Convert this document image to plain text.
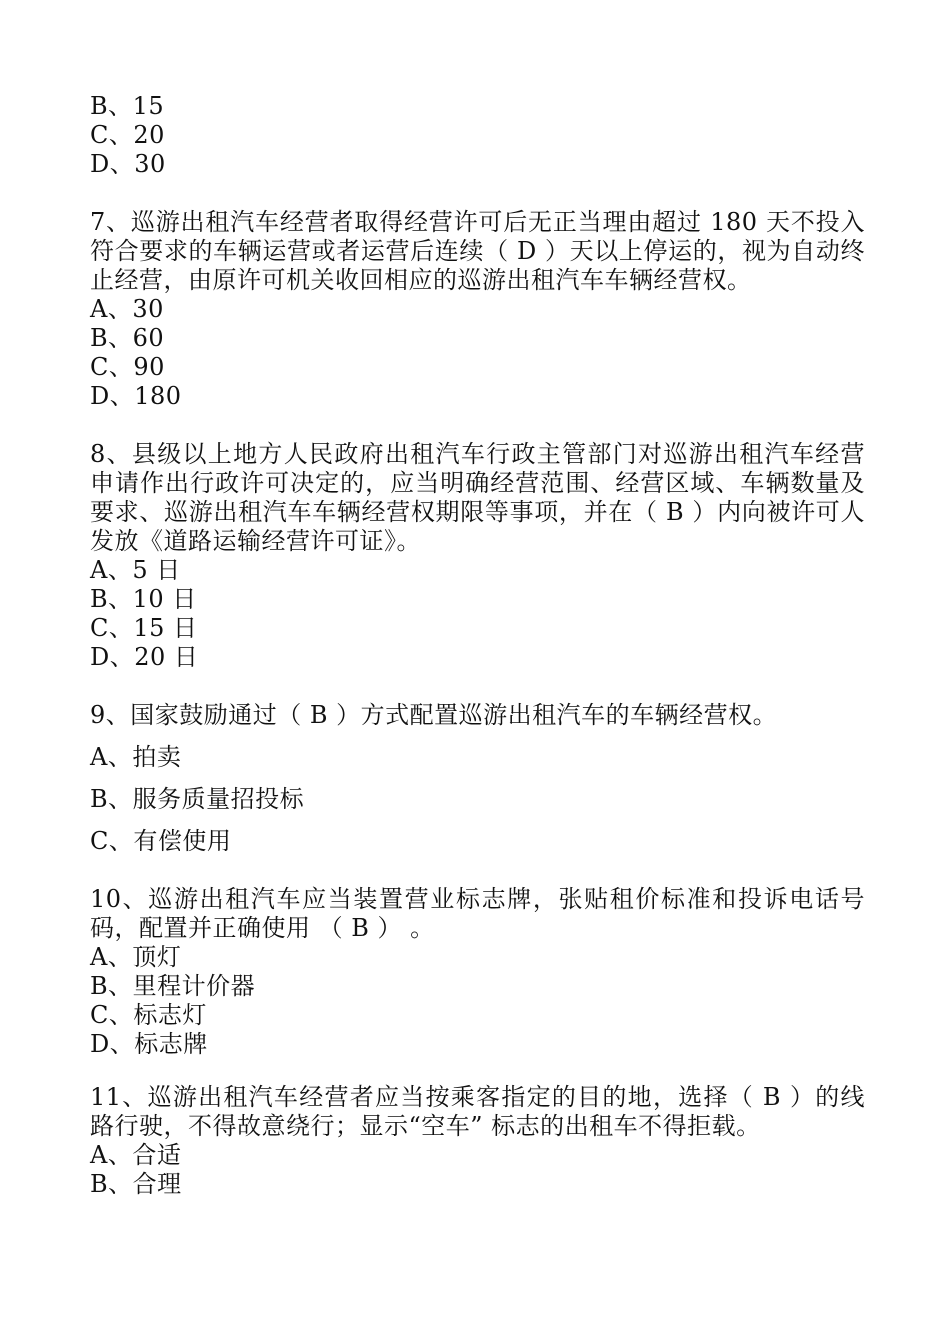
B、15
C、20
D、30
7、巡游出租汽车经营者取得经营许可后无正当理由超过 180 天不投入符合要求的车辆运营或者运营后连续（ D ）天以上停运的，视为自动终止经营，由原许可机关收回相应的巡游出租汽车车辆经营权。
A、30
B、60
C、90
D、180
8、县级以上地方人民政府出租汽车行政主管部门对巡游出租汽车经营申请作出行政许可决定的，应当明确经营范围、经营区域、车辆数量及要求、巡游出租汽车车辆经营权期限等事项，并在（ B ）内向被许可人发放《道路运输经营许可证》。
A、5 日
B、10 日
C、15 日
D、20 日
9、国家鼓励通过（ B ）方式配置巡游出租汽车的车辆经营权。
A、拍卖
B、服务质量招投标
C、有偿使用
10、巡游出租汽车应当装置营业标志牌，张贴租价标准和投诉电话号码，配置并正确使用 （ B ） 。
A、顶灯
B、里程计价器
C、标志灯
D、标志牌
11、巡游出租汽车经营者应当按乘客指定的目的地，选择（ B ）的线路行驶，不得故意绕行；显示“空车” 标志的出租车不得拒载。
A、合适
B、合理
